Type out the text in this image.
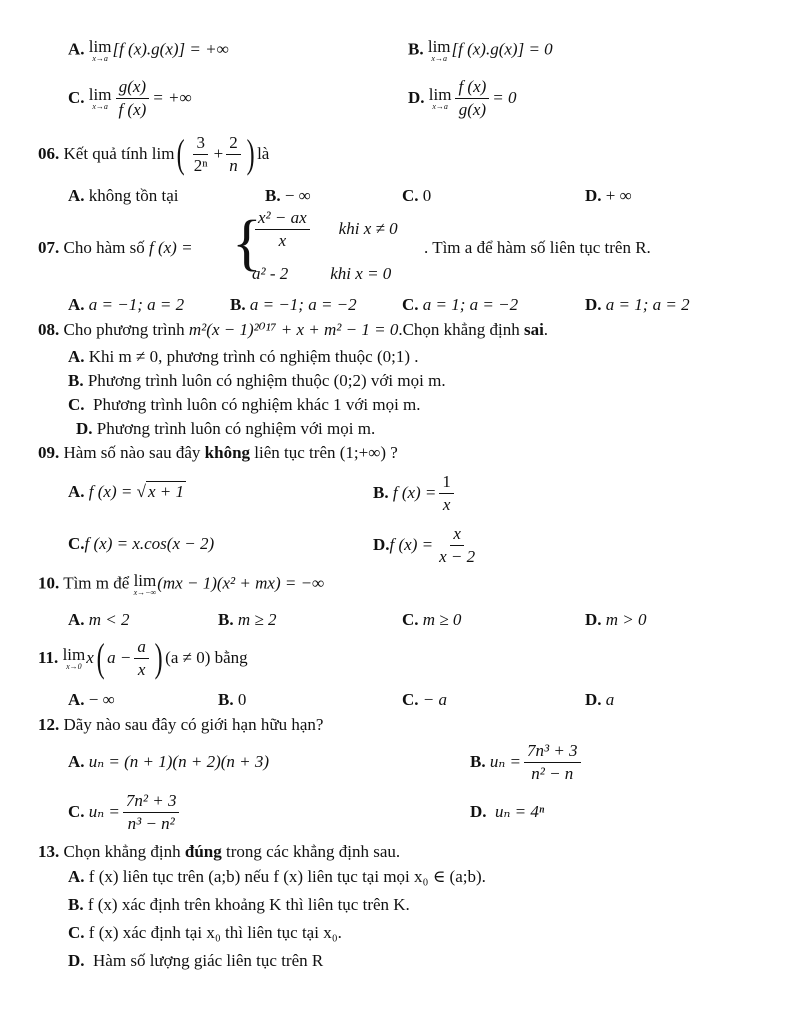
A. lim
x→a
[f (x).g(x)] = +∞	B. lim
x→a
[f (x).g(x)] = 0
C.
lim
$x\to a \frac{g(x)}{f (x)}$ = +∞	D.
lim
$x\to a \frac{f (x)}{g(x)} = 0$
06.
Kết quả tính lim ( $\frac{3}{\text{2ⁿ}} + \frac{2}{n}$ ) là
A. không tồn tại	B. − ∞	C. 0	D. + ∞
07. Cho hàm số f (x) = {
$\frac{\text{x² − ax}}{x}$ khi x ≠ 0
a² - 2 khi x = 0
. Tìm a để hàm số liên tục trên R.
A. a = −1; a = 2	B. a = −1; a = −2	C. a = 1; a = −2	D. a = 1; a = 2
08. Cho phương trình m²(x − 1)²⁰¹⁷ + x + m² − 1 = 0.Chọn khẳng định sai.
A. Khi m ≠ 0, phương trình có nghiệm thuộc (0;1) .
B. Phương trình luôn có nghiệm thuộc (0;2) với mọi m.
C. Phương trình luôn có nghiệm khác 1 với mọi m.
D. Phương trình luôn có nghiệm với mọi m.
09. Hàm số nào sau đây không liên tục trên (1;+∞) ?
A. f (x) = √ x + 1	B.
f $(x) = \frac{1}{x}$
C.f (x) = x.cos(x − 2)	D. f $(x) = \frac{x}{x - 2}$
10. Tìm m để lim
x→−∞
(mx − 1)(x² + mx) = −∞
A. m < 2	B. m ≥ 2	C. m ≥ 0	D. m > 0
11.
lim
x→0 x ( $a - \frac{a}{x}$ ) (a ≠ 0)
bằng
A. − ∞	B. 0	C. − a	D. a
12. Dãy nào sau đây có giới hạn hữu hạn?
A. uₙ = (n + 1)(n + 2)(n + 3)	B.
$u_n = \frac{\text{7n³ + 3}}{\text{n² − n}}$
C.
$u_n = \frac{\text{7n² + 3}}{\text{n³ − n²}}$	D. uₙ = 4ⁿ
13. Chọn khẳng định đúng trong các khẳng định sau.
A. f (x) liên tục trên (a;b) nếu f (x) liên tục tại mọi x₀ ∈ (a;b).
B. f (x) xác định trên khoảng K thì liên tục trên K.
C. f (x) xác định tại x₀ thì liên tục tại x₀.
D. Hàm số lượng giác liên tục trên R
